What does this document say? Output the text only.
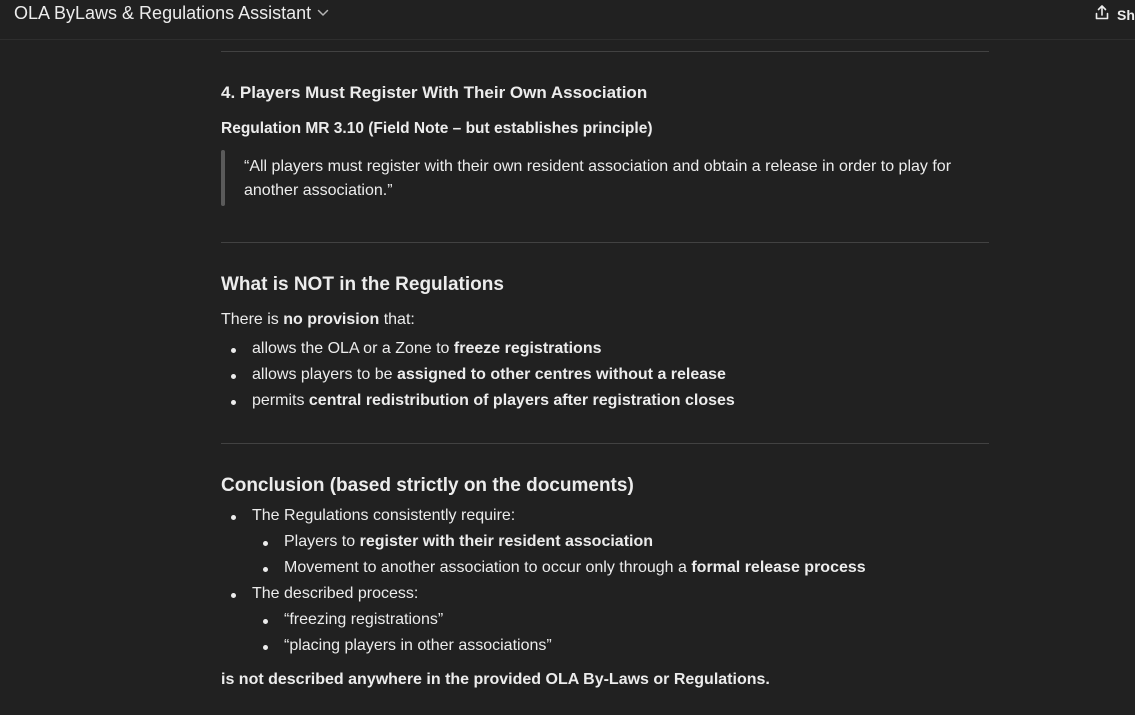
OLA ByLaws & Regulations Assistant	Sh
4. Players Must Register With Their Own Association
Regulation MR 3.10 (Field Note – but establishes principle)
“All players must register with their own resident association and obtain a release in order to play for another association.”
What is NOT in the Regulations
There is no provision that:
allows the OLA or a Zone to freeze registrations
allows players to be assigned to other centres without a release
permits central redistribution of players after registration closes
Conclusion (based strictly on the documents)
The Regulations consistently require:
Players to register with their resident association
Movement to another association to occur only through a formal release process
The described process:
“freezing registrations”
“placing players in other associations”
is not described anywhere in the provided OLA By-Laws or Regulations.
